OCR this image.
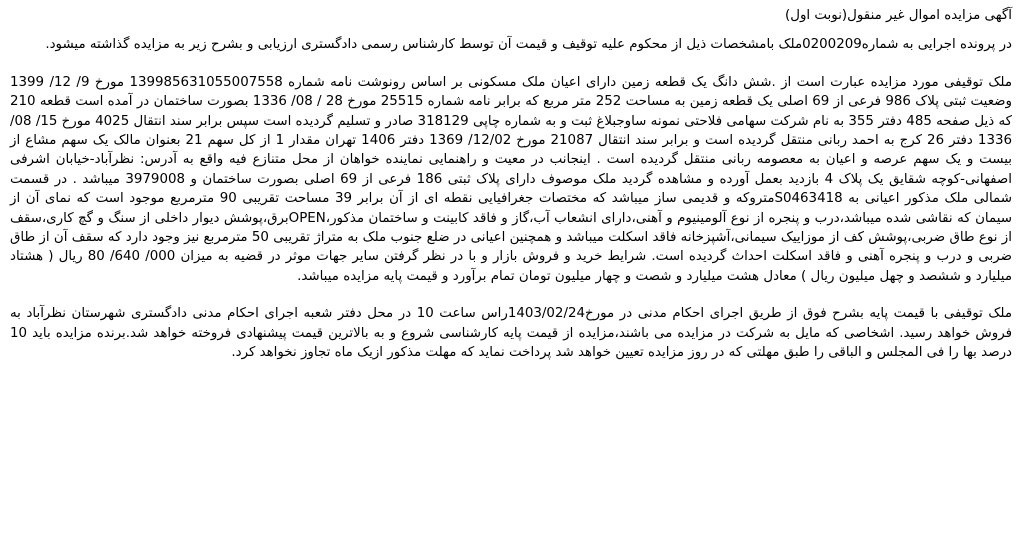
آگهی مزایده اموال غیر منقول(نوبت اول)

در پرونده اجرایی به شماره0200209ملک بامشخصات ذیل از محکوم علیه توقیف و قیمت آن توسط کارشناس رسمی دادگستری ارزیابی و بشرح زیر به مزایده گذاشته میشود.

ملک توقیفی مورد مزایده عبارت است از .شش دانگ یک قطعه زمین دارای اعیان ملک مسکونی بر اساس رونوشت نامه شماره 13998563105500755‌8 مورخ 9/ 12/ 1399 وضعیت ثبتی پلاک 986 فرعی از 69 اصلی یک قطعه زمین به مساحت 252 متر مربع که برابر نامه شماره 25515 مورخ 28 / 08/ 1336 بصورت ساختمان در آمده است قطعه 210 که ذیل صفحه 485 دفتر 355 به نام شرکت سهامی فلاحتی نمونه ساوجبلاغ ثبت و به شماره چاپی 318129 صادر و تسلیم گردیده است سپس برابر سند انتقال 4025 مورخ 15/ 08/ 1336 دفتر 26 کرج به احمد ربانی منتقل گردیده است و برابر سند انتقال 21087 مورخ 12/02/ 1369 دفتر 1406 تهران مقدار 1 از کل سهم 21 بعنوان مالک یک سهم مشاع از بیست و یک سهم عرصه و اعیان به معصومه ربانی منتقل گردیده است . اینجانب در معیت و راهنمایی نماینده خواهان از محل متنازع فیه واقع به آدرس: نظرآباد-خیابان اشرفی اصفهانی-کوچه شقایق یک پلاک 4 بازدید بعمل آورده و مشاهده گردید ملک موصوف دارای پلاک ثبتی 186 فرعی از 69 اصلی بصورت ساختمان و 3979008 میباشد . در قسمت شمالی ملک مذکور اعیانی به S0463418متروکه و قدیمی ساز میباشد که مختصات جغرافیایی نقطه ای از آن برابر 39 مساحت تقریبی 90 مترمربع موجود است که نمای آن از سیمان که نقاشی شده میباشد،درب و پنجره از نوع آلومینیوم و آهنی،دارای انشعاب آب،گاز و فاقد کابینت و ساختمان مذکور،OPENبرق،پوشش دیوار داخلی از سنگ و گچ کاری،سقف از نوع طاق ضربی،پوشش کف از موزاییک سیمانی،آشپزخانه فاقد اسکلت میباشد و همچنین اعیانی در ضلع جنوب ملک به متراژ تقریبی 50 مترمربع نیز وجود دارد که سقف آن از طاق ضربی و درب و پنجره آهنی و فاقد اسکلت احداث گردیده است. شرایط خرید و فروش بازار و با در نظر گرفتن سایر جهات موثر در قضیه به میزان 000/ 640/ 80 ریال ( هشتاد میلیارد و ششصد و چهل میلیون ریال ) معادل هشت میلیارد و شصت و چهار میلیون تومان تمام برآورد و قیمت پایه مزایده میباشد.

ملک توقیفی با قیمت پایه بشرح فوق از طریق اجرای احکام مدنی در مورخ1403/02/24راس ساعت 10 در محل دفتر شعبه اجرای احکام مدنی دادگستری شهرستان نظرآباد به فروش خواهد رسید. اشخاصی که مایل به شرکت در مزایده می باشند،مزایده از قیمت پایه کارشناسی شروع و به بالاترین قیمت پیشنهادی فروخته خواهد شد.برنده مزایده باید 10 درصد بها را فی المجلس و الباقی را طبق مهلتی که در روز مزایده تعیین خواهد شد پرداخت نماید که مهلت مذکور ازیک ماه تجاوز نخواهد کرد.
